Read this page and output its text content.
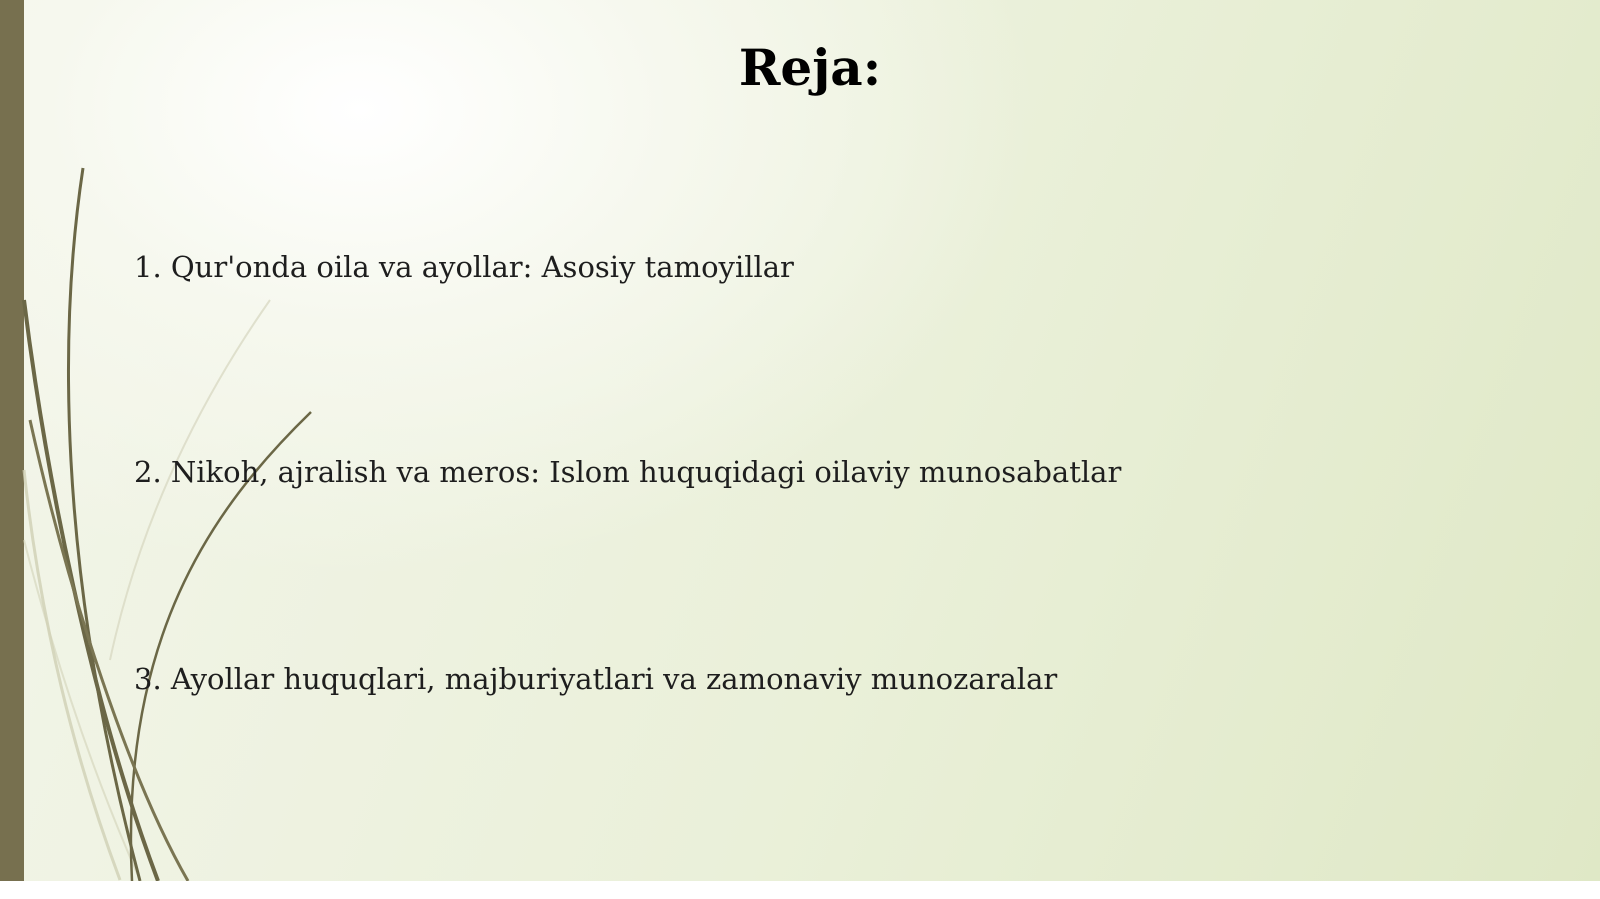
Reja:
1. Qur'onda oila va ayollar: Asosiy tamoyillar
2. Nikoh, ajralish va meros: Islom huquqidagi oilaviy munosabatlar
3. Ayollar huquqlari, majburiyatlari va zamonaviy munozaralar
